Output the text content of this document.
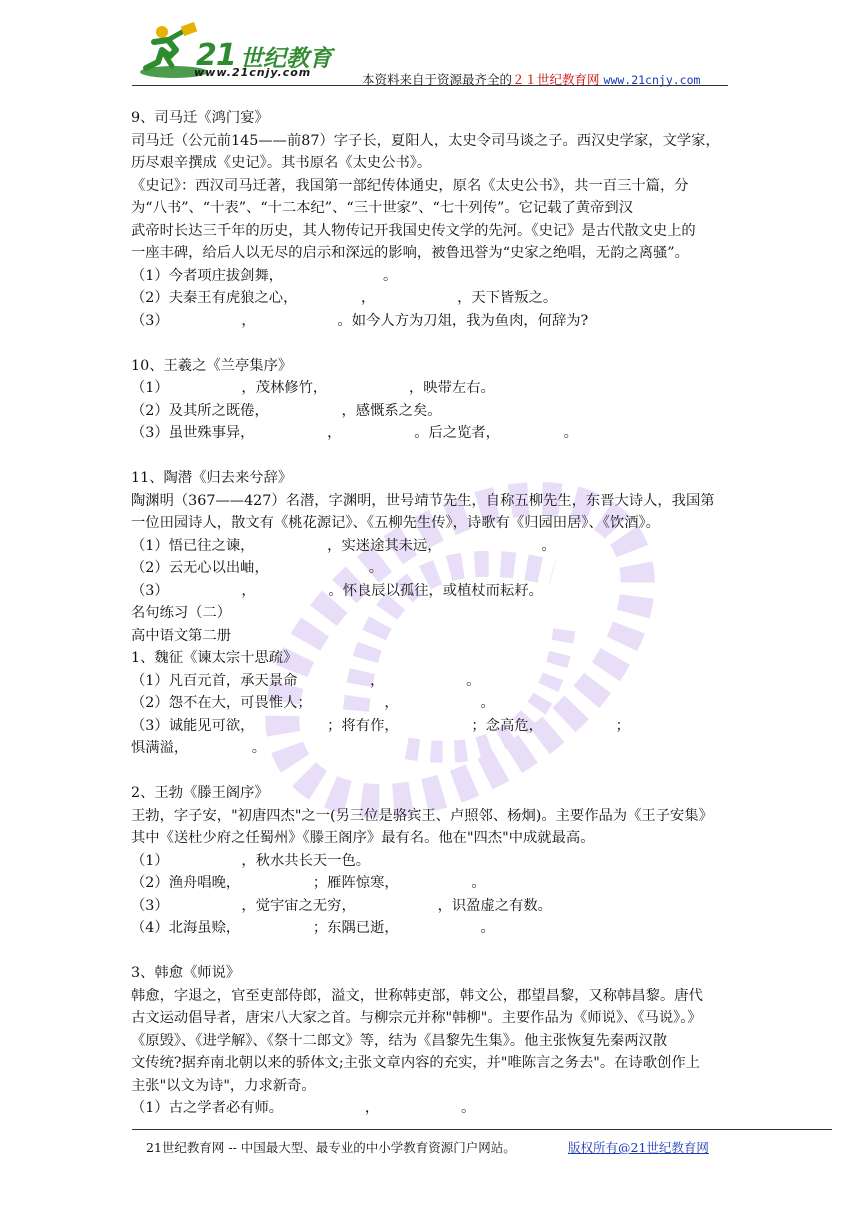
21 世纪教育
www.21cnjy.com	本资料来自于资源最齐全的２１世纪教育网 www.21cnjy.com
9、司马迁《鸿门宴》
司马迁（公元前145——前87）字子长，夏阳人，太史令司马谈之子。西汉史学家，文学家，
历尽艰辛撰成《史记》。其书原名《太史公书》。
《史记》：西汉司马迁著，我国第一部纪传体通史，原名《太史公书》，共一百三十篇，分
为“八书”、“十表”、“十二本纪”、“三十世家”、“七十列传”。它记载了黄帝到汉
武帝时长达三千年的历史，其人物传记开我国史传文学的先河。《史记》是古代散文史上的
一座丰碑，给后人以无尽的启示和深远的影响，被鲁迅誉为“史家之绝唱，无韵之离骚”。
（1）今者项庄拔剑舞，                      。
（2）夫秦王有虎狼之心，              ，                  ，天下皆叛之。
（3）                ，                  。如今人方为刀俎，我为鱼肉，何辞为?
10、王羲之《兰亭集序》
（1）                ，茂林修竹，                  ，映带左右。
（2）及其所之既倦，                ，感慨系之矣。
（3）虽世殊事异，                ，                。后之览者，              。
11、陶潜《归去来兮辞》
陶渊明（367——427）名潜，字渊明，世号靖节先生，自称五柳先生，东晋大诗人，我国第
一位田园诗人，散文有《桃花源记》、《五柳先生传》，诗歌有《归园田居》、《饮酒》。
（1）悟已往之谏，                ，实迷途其未远，                      。
（2）云无心以出岫，                      。
（3）                ，                。怀良辰以孤往，或植杖而耘耔。
名句练习（二）
高中语文第二册
1、魏征《谏太宗十思疏》
（1）凡百元首，承天景命                ，                  。
（2）怨不在大，可畏惟人；                ，                  。
（3）诚能见可欲，                ；将有作，                ；念高危，                ；
惧满溢，              。
2、王勃《滕王阁序》
王勃，字子安，"初唐四杰"之一(另三位是骆宾王、卢照邻、杨炯)。主要作品为《王子安集》
其中《送杜少府之任蜀州》《滕王阁序》最有名。他在"四杰"中成就最高。
（1）                ，秋水共长天一色。
（2）渔舟唱晚，                ；雁阵惊寒，                。
（3）                ，觉宇宙之无穷，                  ，识盈虚之有数。
（4）北海虽赊，                ；东隅已逝，                  。
3、韩愈《师说》
韩愈，字退之，官至吏部侍郎，溢文，世称韩吏部，韩文公，郡望昌黎，又称韩昌黎。唐代
古文运动倡导者，唐宋八大家之首。与柳宗元并称"韩柳"。主要作品为《师说》、《马说》。》
《原毁》、《进学解》、《祭十二郎文》等，结为《昌黎先生集》。他主张恢复先秦两汉散
文传统?据弃南北朝以来的骄体文;主张文章内容的充实，并"唯陈言之务去"。在诗歌创作上
主张"以文为诗"，力求新奇。
（1）古之学者必有师。                  ，                  。
21世纪教育网 -- 中国最大型、最专业的中小学教育资源门户网站。	版权所有@21世纪教育网
